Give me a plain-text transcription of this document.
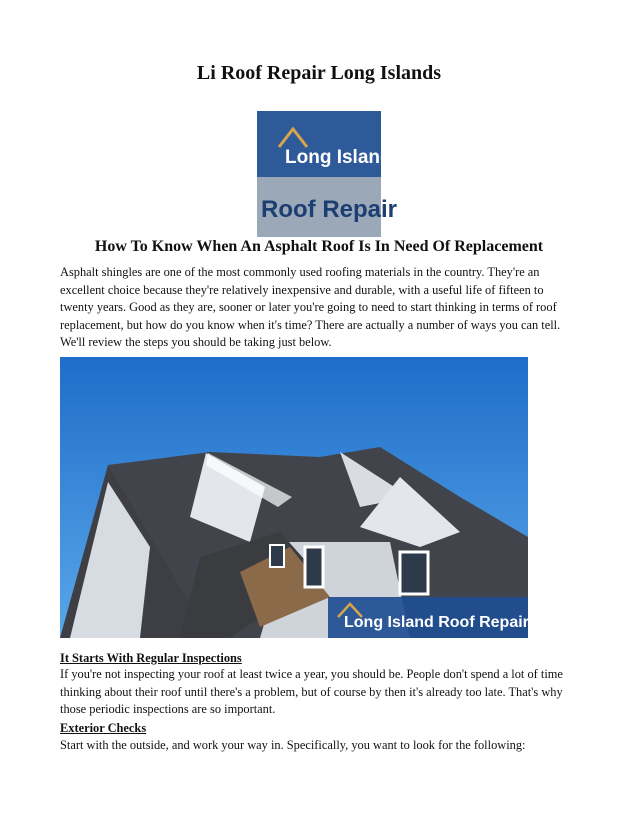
Li Roof Repair Long Islands
Long Island
Roof Repair
How To Know When An Asphalt Roof Is In Need Of Replacement
Asphalt shingles are one of the most commonly used roofing materials in the country. They're an excellent choice because they're relatively inexpensive and durable, with a useful life of fifteen to twenty years. Good as they are, sooner or later you're going to need to start thinking in terms of roof replacement, but how do you know when it's time? There are actually a number of ways you can tell. We'll review the steps you should be taking just below.
Long Island Roof Repair
It Starts With Regular Inspections
If you're not inspecting your roof at least twice a year, you should be. People don't spend a lot of time thinking about their roof until there's a problem, but of course by then it's already too late. That's why those periodic inspections are so important.
Exterior Checks
Start with the outside, and work your way in. Specifically, you want to look for the following:
